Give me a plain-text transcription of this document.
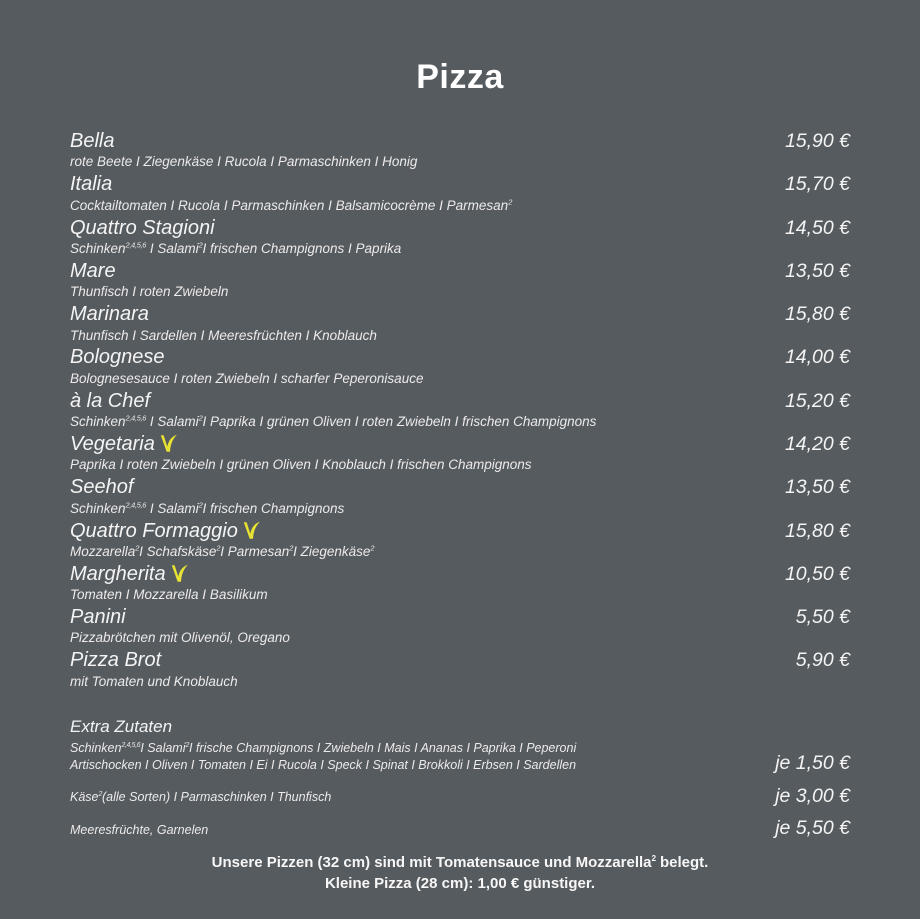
Pizza
Bella	15,90 €
rote Beete I Ziegenkäse I Rucola I Parmaschinken I Honig
Italia	15,70 €
Cocktailtomaten I Rucola I Parmaschinken I Balsamicocrème I Parmesan$^2$
Quattro Stagioni	14,50 €
Schinken$^{2,4,5,6}$ I Salami$^2$I frischen Champignons I Paprika
Mare	13,50 €
Thunfisch I roten Zwiebeln
Marinara	15,80 €
Thunfisch I Sardellen I Meeresfrüchten I Knoblauch
Bolognese	14,00 €
Bolognesesauce I roten Zwiebeln I scharfer Peperonisauce
à la Chef	15,20 €
Schinken$^{2,4,5,6}$ I Salami$^2$I Paprika I grünen Oliven I roten Zwiebeln I frischen Champignons
Vegetaria	14,20 €
Paprika I roten Zwiebeln I grünen Oliven I Knoblauch I frischen Champignons
Seehof	13,50 €
Schinken$^{2,4,5,6}$ I Salami$^2$I frischen Champignons
Quattro Formaggio	15,80 €
Mozzarella$^2$I Schafskäse$^2$I Parmesan$^2$I Ziegenkäse$^2$
Margherita	10,50 €
Tomaten I Mozzarella I Basilikum
Panini	5,50 €
Pizzabrötchen mit Olivenöl, Oregano
Pizza Brot	5,90 €
mit Tomaten und Knoblauch
Extra Zutaten
Schinken$^{2,4,5,6}$I Salami$^2$I frische Champignons I Zwiebeln I Mais I Ananas I Paprika I Peperoni
Artischocken I Oliven I Tomaten I Ei I Rucola I Speck I Spinat I Brokkoli I Erbsen I Sardellen	je 1,50 €
Käse$^2$(alle Sorten) I Parmaschinken I Thunfisch	je 3,00 €
Meeresfrüchte, Garnelen	je 5,50 €
Unsere Pizzen (32 cm) sind mit Tomatensauce und Mozzarella$^2$ belegt.
Kleine Pizza (28 cm): 1,00 € günstiger.
